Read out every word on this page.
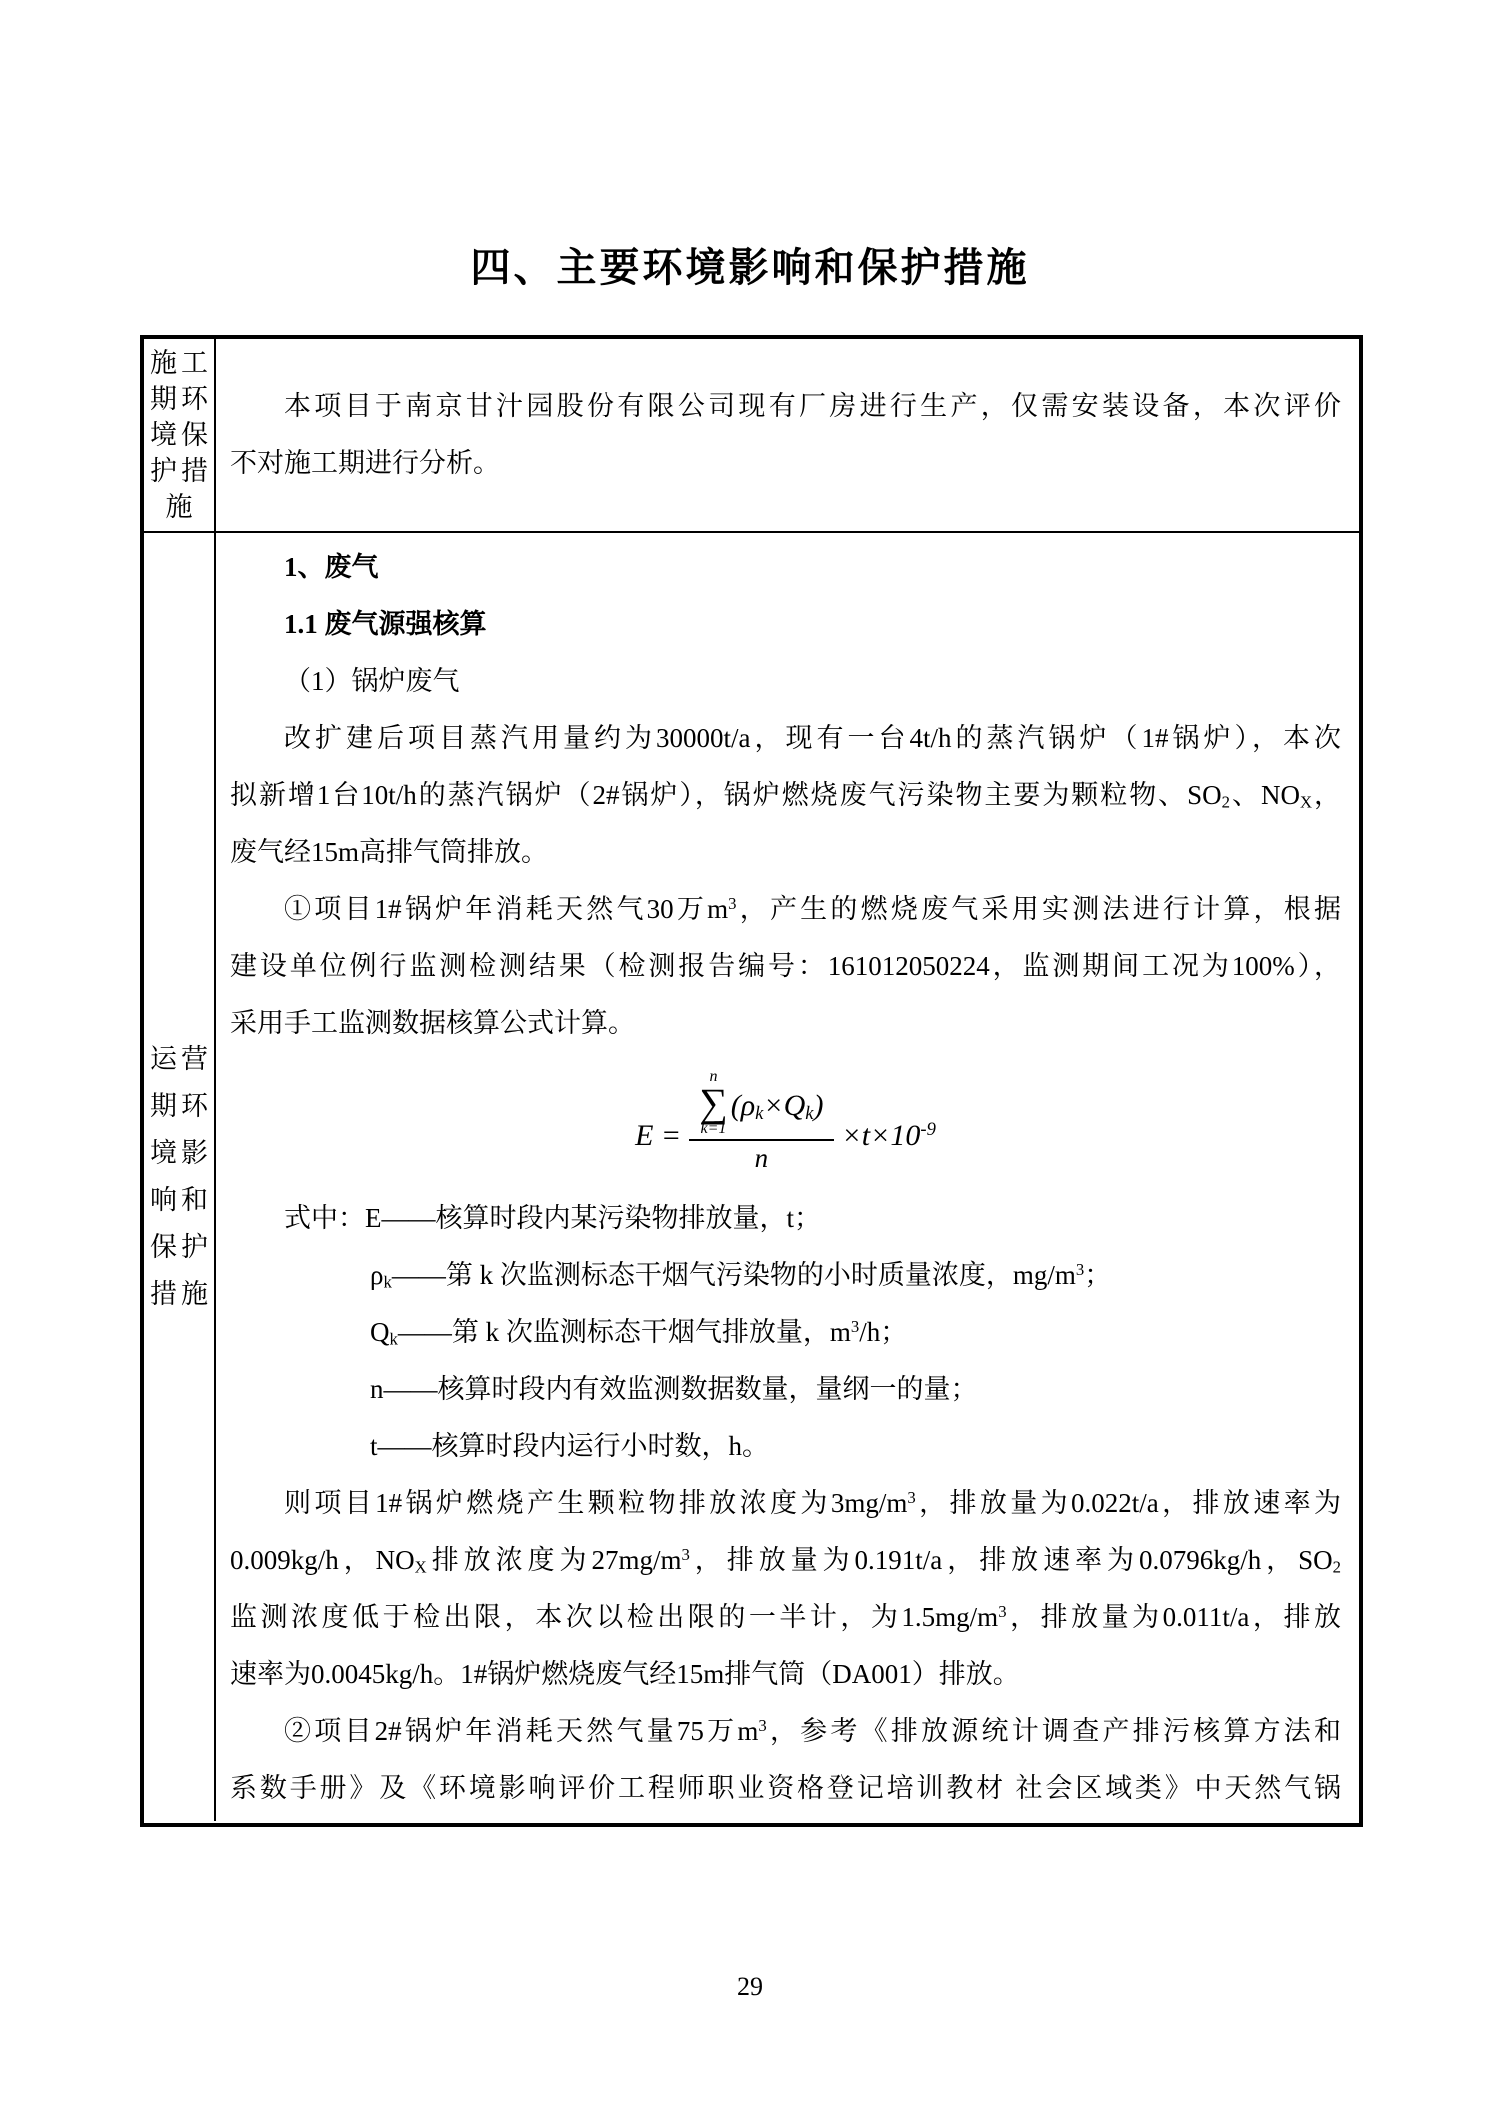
四、主要环境影响和保护措施
施工
期环
境保
护措
施
本项目于南京甘汁园股份有限公司现有厂房进行生产，仅需安装设备，本次评价
不对施工期进行分析。
运营
期环
境影
响和
保护
措施
1、废气
1.1 废气源强核算
（1）锅炉废气
改扩建后项目蒸汽用量约为30000t/a，现有一台4t/h的蒸汽锅炉（1#锅炉），本次
拟新增1台10t/h的蒸汽锅炉（2#锅炉），锅炉燃烧废气污染物主要为颗粒物、$SO_2$、$NO_X$，
废气经15m高排气筒排放。
①项目1#锅炉年消耗天然气30万$m^3$，产生的燃烧废气采用实测法进行计算，根据
建设单位例行监测检测结果（检测报告编号：161012050224，监测期间工况为100%），
采用手工监测数据核算公式计算。
E =
n
∑
k=1
$(\rho_k\times Q_k)$
n
$\times t\times 10^{-9}$
式中：E——核算时段内某污染物排放量，t；
$\rho_k——$第 k 次监测标态干烟气污染物的小时质量浓度，$mg/m^3$；
$Q_k——$第 k 次监测标态干烟气排放量，$m^3/h$；
n——核算时段内有效监测数据数量，量纲一的量；
t——核算时段内运行小时数，h。
则项目1#锅炉燃烧产生颗粒物排放浓度为$3mg/m^3$，排放量为0.022t/a，排放速率为
0.009kg/h，$NO_X$排放浓度为$27mg/m^3$，排放量为0.191t/a，排放速率为0.0796kg/h，$SO_2$
监测浓度低于检出限，本次以检出限的一半计，为$1.5mg/m^3$，排放量为0.011t/a，排放
速率为0.0045kg/h。1#锅炉燃烧废气经15m排气筒（DA001）排放。
②项目2#锅炉年消耗天然气量75万$m^3$，参考《排放源统计调查产排污核算方法和
系数手册》及《环境影响评价工程师职业资格登记培训教材 社会区域类》中天然气锅
29
